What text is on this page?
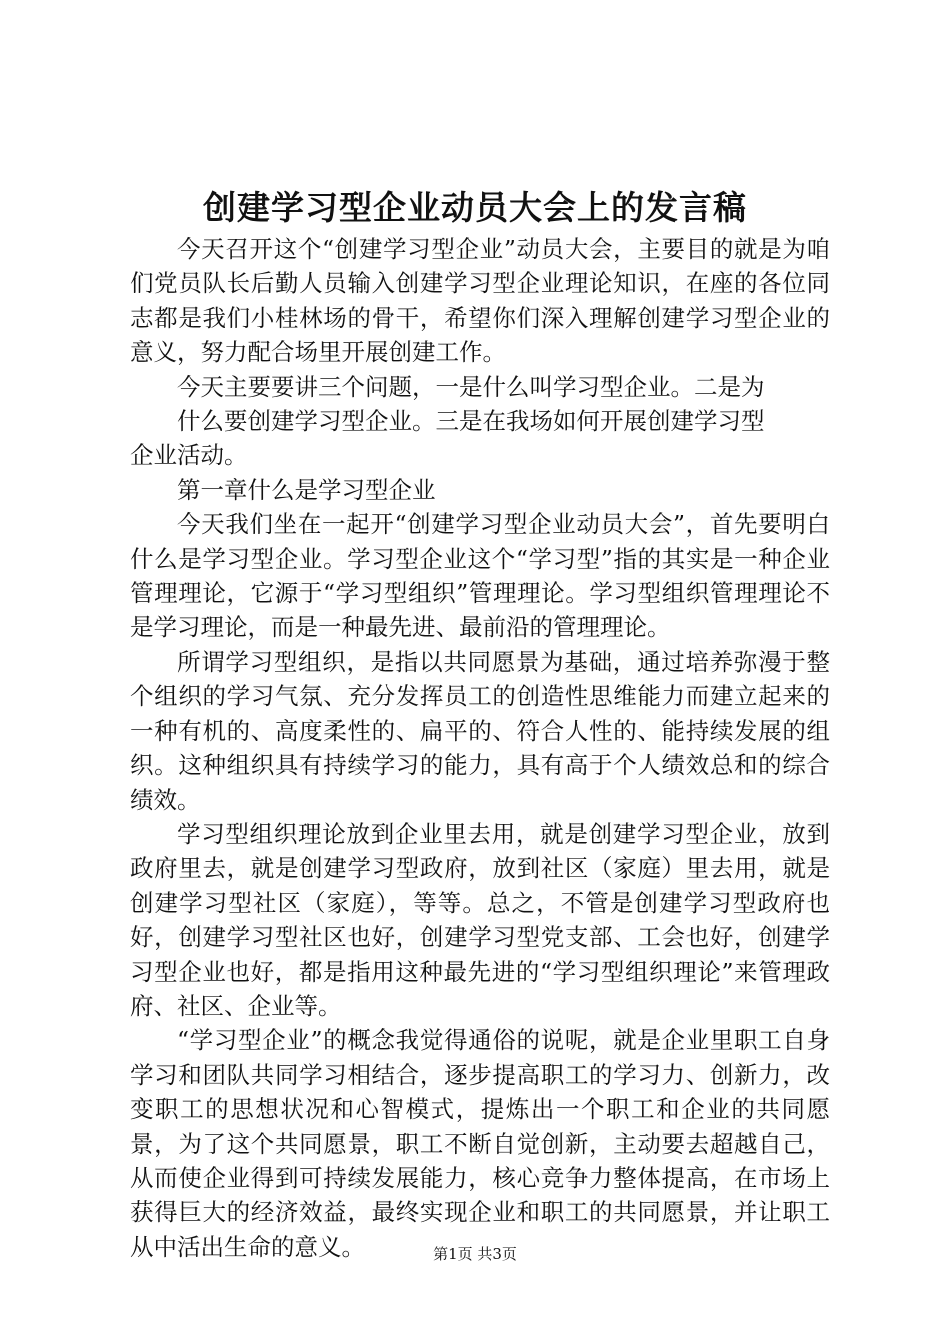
创建学习型企业动员大会上的发言稿

今天召开这个“创建学习型企业”动员大会，主要目的就是为咱们党员队长后勤人员输入创建学习型企业理论知识，在座的各位同志都是我们小桂林场的骨干，希望你们深入理解创建学习型企业的意义，努力配合场里开展创建工作。

今天主要要讲三个问题，一是什么叫学习型企业。二是为

什么要创建学习型企业。三是在我场如何开展创建学习型

企业活动。

第一章什么是学习型企业

今天我们坐在一起开“创建学习型企业动员大会”，首先要明白什么是学习型企业。学习型企业这个“学习型”指的其实是一种企业管理理论，它源于“学习型组织”管理理论。学习型组织管理理论不是学习理论，而是一种最先进、最前沿的管理理论。

所谓学习型组织，是指以共同愿景为基础，通过培养弥漫于整个组织的学习气氛、充分发挥员工的创造性思维能力而建立起来的一种有机的、高度柔性的、扁平的、符合人性的、能持续发展的组织。这种组织具有持续学习的能力，具有高于个人绩效总和的综合绩效。

学习型组织理论放到企业里去用，就是创建学习型企业，放到政府里去，就是创建学习型政府，放到社区（家庭）里去用，就是创建学习型社区（家庭），等等。总之，不管是创建学习型政府也好，创建学习型社区也好，创建学习型党支部、工会也好，创建学习型企业也好，都是指用这种最先进的“学习型组织理论”来管理政府、社区、企业等。

“学习型企业”的概念我觉得通俗的说呢，就是企业里职工自身学习和团队共同学习相结合，逐步提高职工的学习力、创新力，改变职工的思想状况和心智模式，提炼出一个职工和企业的共同愿景，为了这个共同愿景，职工不断自觉创新，主动要去超越自己，从而使企业得到可持续发展能力，核心竞争力整体提高，在市场上获得巨大的经济效益，最终实现企业和职工的共同愿景，并让职工从中活出生命的意义。	第1页 共3页
